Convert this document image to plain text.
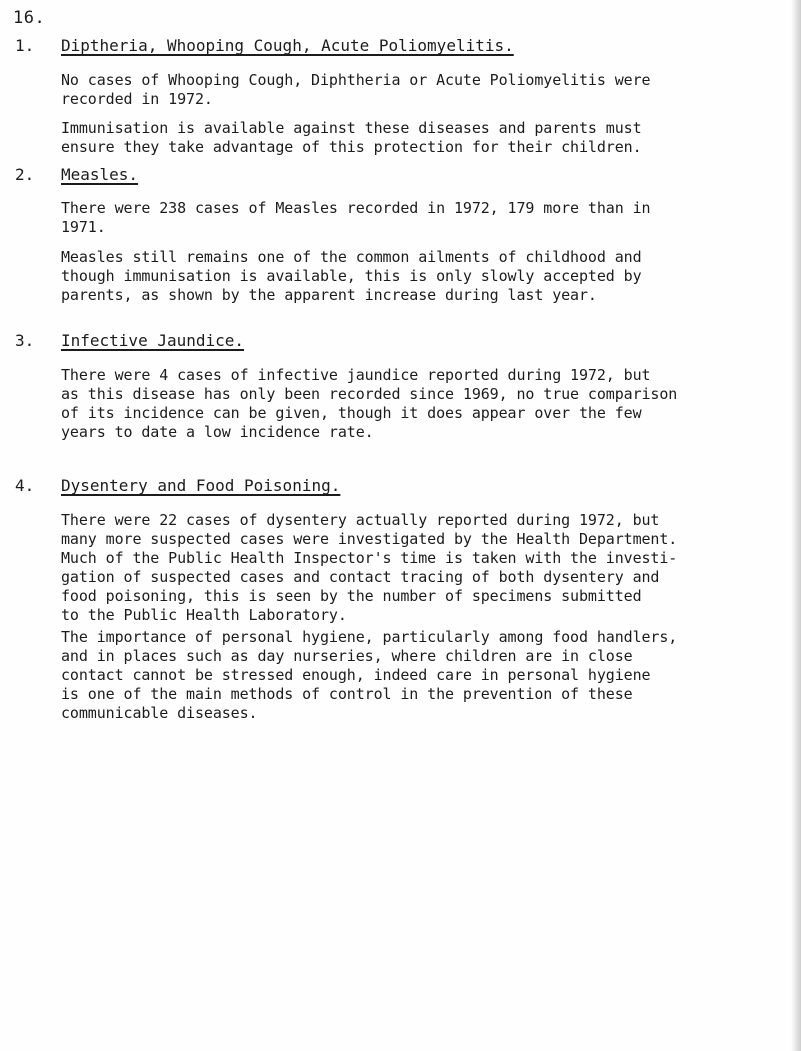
16.
1. Diptheria, Whooping Cough, Acute Poliomyelitis.

No cases of Whooping Cough, Diphtheria or Acute Poliomyelitis were
recorded in 1972.

Immunisation is available against these diseases and parents must
ensure they take advantage of this protection for their children.

2. Measles.

There were 238 cases of Measles recorded in 1972, 179 more than in
1971.

Measles still remains one of the common ailments of childhood and
though immunisation is available, this is only slowly accepted by
parents, as shown by the apparent increase during last year.

3. Infective Jaundice.

There were 4 cases of infective jaundice reported during 1972, but
as this disease has only been recorded since 1969, no true comparison
of its incidence can be given, though it does appear over the few
years to date a low incidence rate.

4. Dysentery and Food Poisoning.

There were 22 cases of dysentery actually reported during 1972, but
many more suspected cases were investigated by the Health Department.
Much of the Public Health Inspector's time is taken with the investi-
gation of suspected cases and contact tracing of both dysentery and
food poisoning, this is seen by the number of specimens submitted
to the Public Health Laboratory.

The importance of personal hygiene, particularly among food handlers,
and in places such as day nurseries, where children are in close
contact cannot be stressed enough, indeed care in personal hygiene
is one of the main methods of control in the prevention of these
communicable diseases.
